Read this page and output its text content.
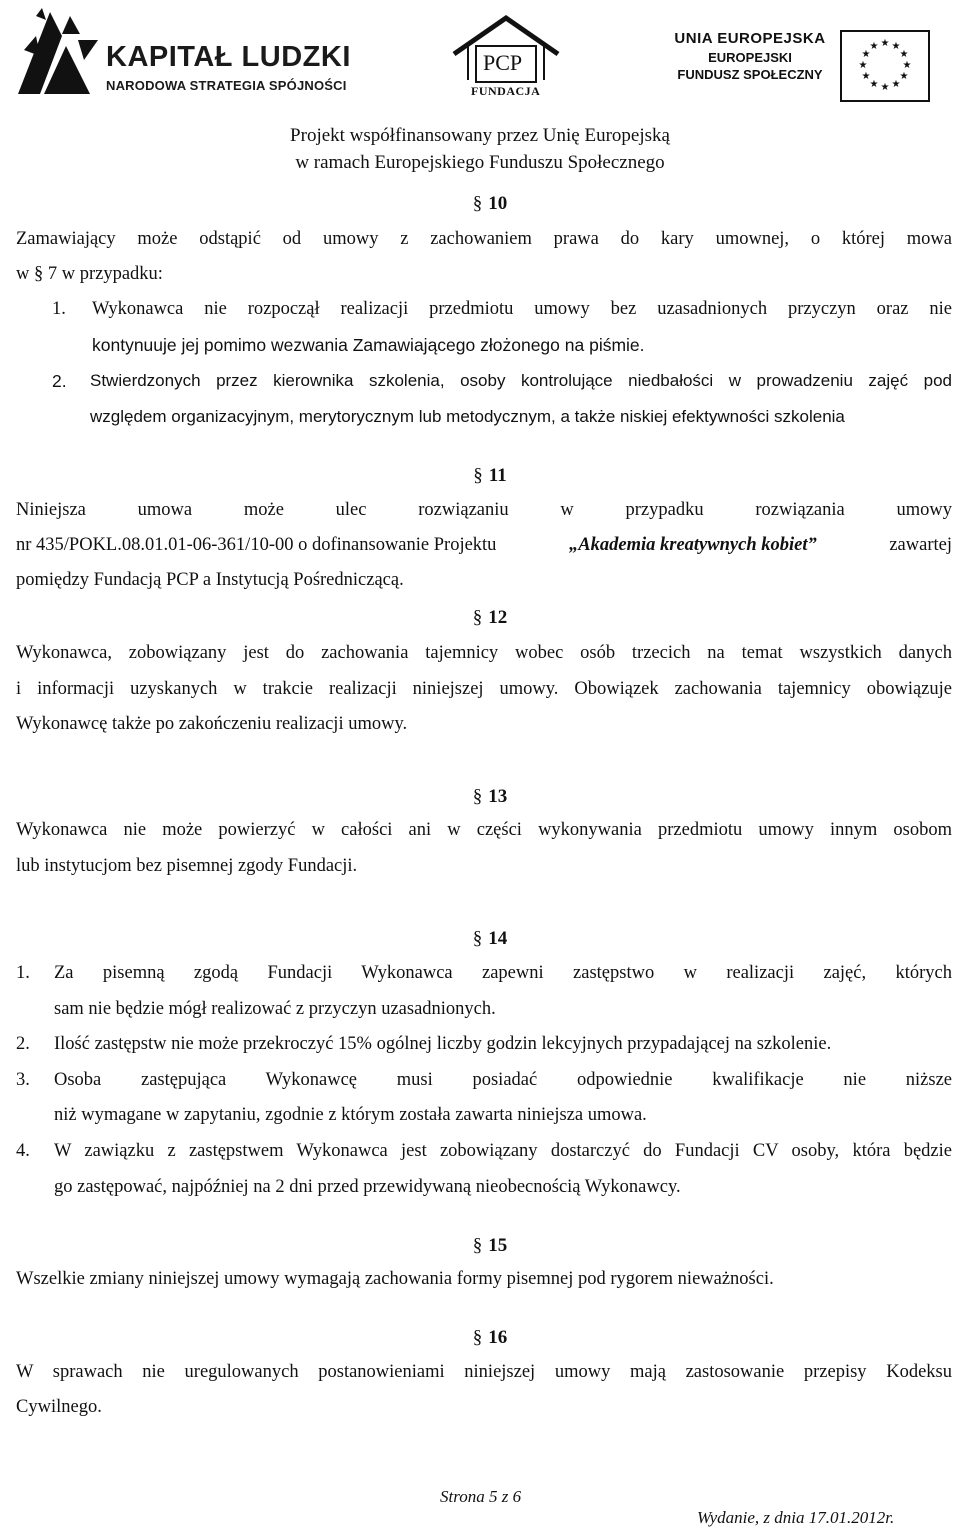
KAPITAŁ LUDZKI
NARODOWA STRATEGIA SPÓJNOŚCI
PCP
FUNDACJA
UNIA EUROPEJSKA
EUROPEJSKI
FUNDUSZ SPOŁECZNY
★ ★
★
★
★
★
★
★
★
★
★
★
Projekt współfinansowany przez Unię Europejską
w ramach Europejskiego Funduszu Społecznego
§ 10
Zamawiający może odstąpić od umowy z zachowaniem prawa do kary umownej, o której mowa
w § 7 w przypadku:
1. Wykonawca nie rozpoczął realizacji przedmiotu umowy bez uzasadnionych przyczyn oraz nie
kontynuuje jej pomimo wezwania Zamawiającego złożonego na piśmie.
2. Stwierdzonych przez kierownika szkolenia, osoby kontrolujące niedbałości w prowadzeniu zajęć pod
względem organizacyjnym, merytorycznym lub metodycznym, a także niskiej efektywności szkolenia
§ 11
Niniejsza umowa może ulec rozwiązaniu w przypadku rozwiązania umowy
nr 435/POKL.08.01.01-06-361/10-00 o dofinansowanie Projektu	„Akademia kreatywnych kobiet”	zawartej
pomiędzy Fundacją PCP a Instytucją Pośredniczącą.
§ 12
Wykonawca, zobowiązany jest do zachowania tajemnicy wobec osób trzecich na temat wszystkich danych
i informacji uzyskanych w trakcie realizacji niniejszej umowy. Obowiązek zachowania tajemnicy obowiązuje
Wykonawcę także po zakończeniu realizacji umowy.
§ 13
Wykonawca nie może powierzyć w całości ani w części wykonywania przedmiotu umowy innym osobom
lub instytucjom bez pisemnej zgody Fundacji.
§ 14
1. Za pisemną zgodą Fundacji Wykonawca zapewni zastępstwo w realizacji zajęć, których
sam nie będzie mógł realizować z przyczyn uzasadnionych.
2. Ilość zastępstw nie może przekroczyć 15% ogólnej liczby godzin lekcyjnych przypadającej na szkolenie.
3. Osoba zastępująca Wykonawcę musi posiadać odpowiednie kwalifikacje nie niższe
niż wymagane w zapytaniu, zgodnie z którym została zawarta niniejsza umowa.
4. W zawiązku z zastępstwem Wykonawca jest zobowiązany dostarczyć do Fundacji CV osoby, która będzie
go zastępować, najpóźniej na 2 dni przed przewidywaną nieobecnością Wykonawcy.
§ 15
Wszelkie zmiany niniejszej umowy wymagają zachowania formy pisemnej pod rygorem nieważności.
§ 16
W sprawach nie uregulowanych postanowieniami niniejszej umowy mają zastosowanie przepisy Kodeksu
Cywilnego.
Strona 5 z 6
Wydanie, z dnia 17.01.2012r.
